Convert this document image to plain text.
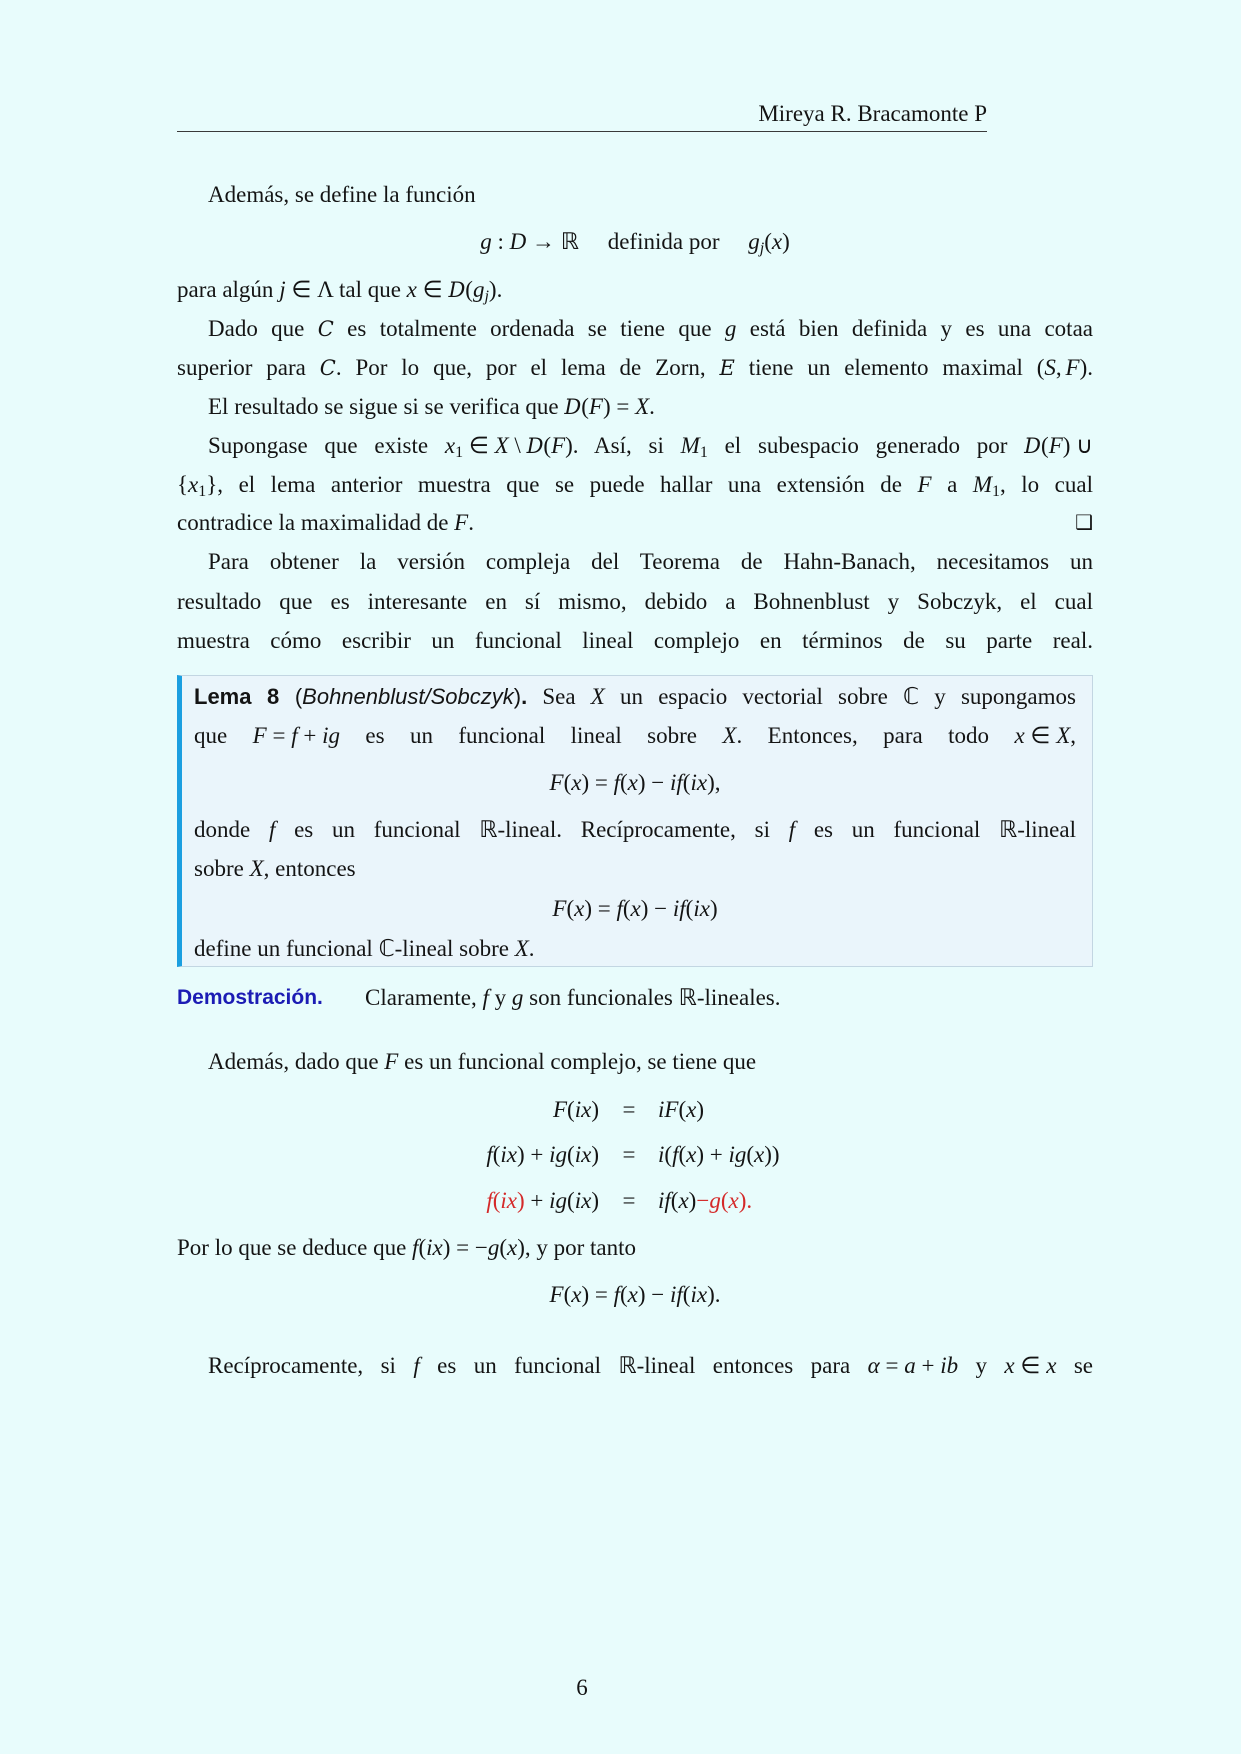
Mireya R. Bracamonte P
Además, se define la función
g : D → ℝ  definida por  gj(x)
para algún j ∈ Λ tal que x ∈ D(gj).
Dado que C es totalmente ordenada se tiene que g está bien definida y es una cotaa
superior para C. Por lo que, por el lema de Zorn, E tiene un elemento maximal (S, F).
El resultado se sigue si se verifica que D(F) = X.
Supongase que existe x1 ∈ X \ D(F). Así, si M1 el subespacio generado por D(F) ∪
{x1}, el lema anterior muestra que se puede hallar una extensión de F a M1, lo cual
contradice la maximalidad de F.	❑
Para obtener la versión compleja del Teorema de Hahn-Banach, necesitamos un
resultado que es interesante en sí mismo, debido a Bohnenblust y Sobczyk, el cual
muestra cómo escribir un funcional lineal complejo en términos de su parte real.
Lema 8 (Bohnenblust/Sobczyk). Sea X un espacio vectorial sobre ℂ y supongamos
que F = f + ig es un funcional lineal sobre X. Entonces, para todo x ∈ X,
F(x) = f(x) − if(ix),
donde f es un funcional ℝ-lineal. Recíprocamente, si f es un funcional ℝ-lineal
sobre X, entonces
F(x) = f(x) − if(ix)
define un funcional ℂ-lineal sobre X.
Demostración. Claramente, f y g son funcionales ℝ-lineales.
Además, dado que F es un funcional complejo, se tiene que
F(ix) = iF(x)
f(ix) + ig(ix) = i(f(x) + ig(x))
f(ix) + ig(ix) = if(x)−g(x).
Por lo que se deduce que f(ix) = −g(x), y por tanto
F(x) = f(x) − if(ix).
Recíprocamente, si f es un funcional ℝ-lineal entonces para α = a + ib y x ∈ x se
6
